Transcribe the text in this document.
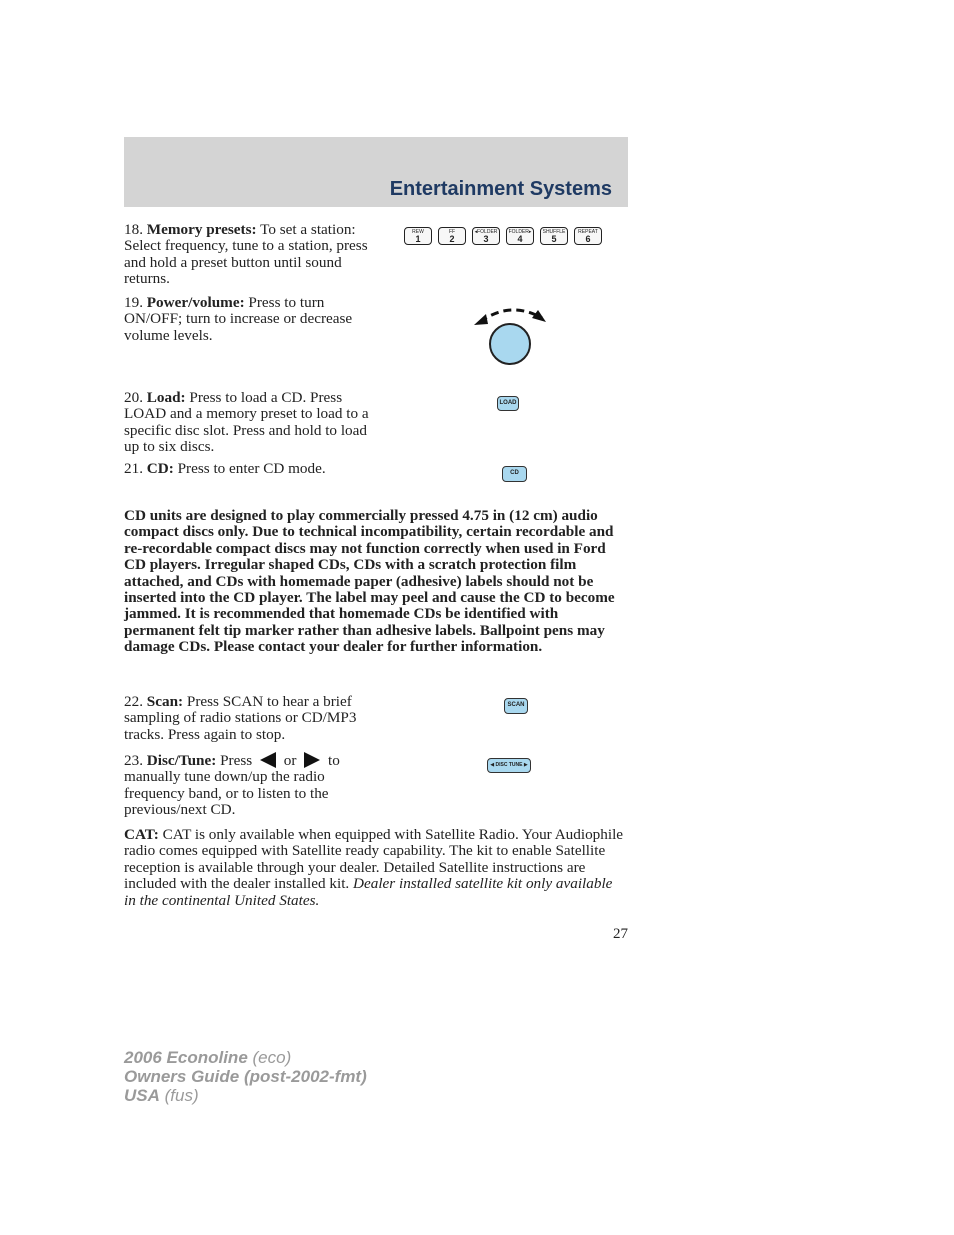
Entertainment Systems
18. Memory presets: To set a station: Select frequency, tune to a station, press and hold a preset button until sound returns.
REW
1
FF
2
◂FOLDER
3
FOLDER▸
4
SHUFFLE
5
REPEAT
6
19. Power/volume: Press to turn ON/OFF; turn to increase or decrease volume levels.
20. Load: Press to load a CD. Press LOAD and a memory preset to load to a specific disc slot. Press and hold to load up to six discs.
LOAD
21. CD: Press to enter CD mode.	CD
CD units are designed to play commercially pressed 4.75 in (12 cm) audio compact discs only. Due to technical incompatibility, certain recordable and re-recordable compact discs may not function correctly when used in Ford CD players. Irregular shaped CDs, CDs with a scratch protection film attached, and CDs with homemade paper (adhesive) labels should not be inserted into the CD player. The label may peel and cause the CD to become jammed. It is recommended that homemade CDs be identified with permanent felt tip marker rather than adhesive labels. Ballpoint pens may damage CDs. Please contact your dealer for further information.
22. Scan: Press SCAN to hear a brief sampling of radio stations or CD/MP3 tracks. Press again to stop.
SCAN
23. Disc/Tune: Press or to
manually tune down/up the radio frequency band, or to listen to the previous/next CD.
◀ DISC TUNE ▶
CAT: CAT is only available when equipped with Satellite Radio. Your Audiophile radio comes equipped with Satellite ready capability. The kit to enable Satellite reception is available through your dealer. Detailed Satellite instructions are included with the dealer installed kit. Dealer installed satellite kit only available in the continental United States.
27
2006 Econoline (eco)
Owners Guide (post-2002-fmt)
USA (fus)
